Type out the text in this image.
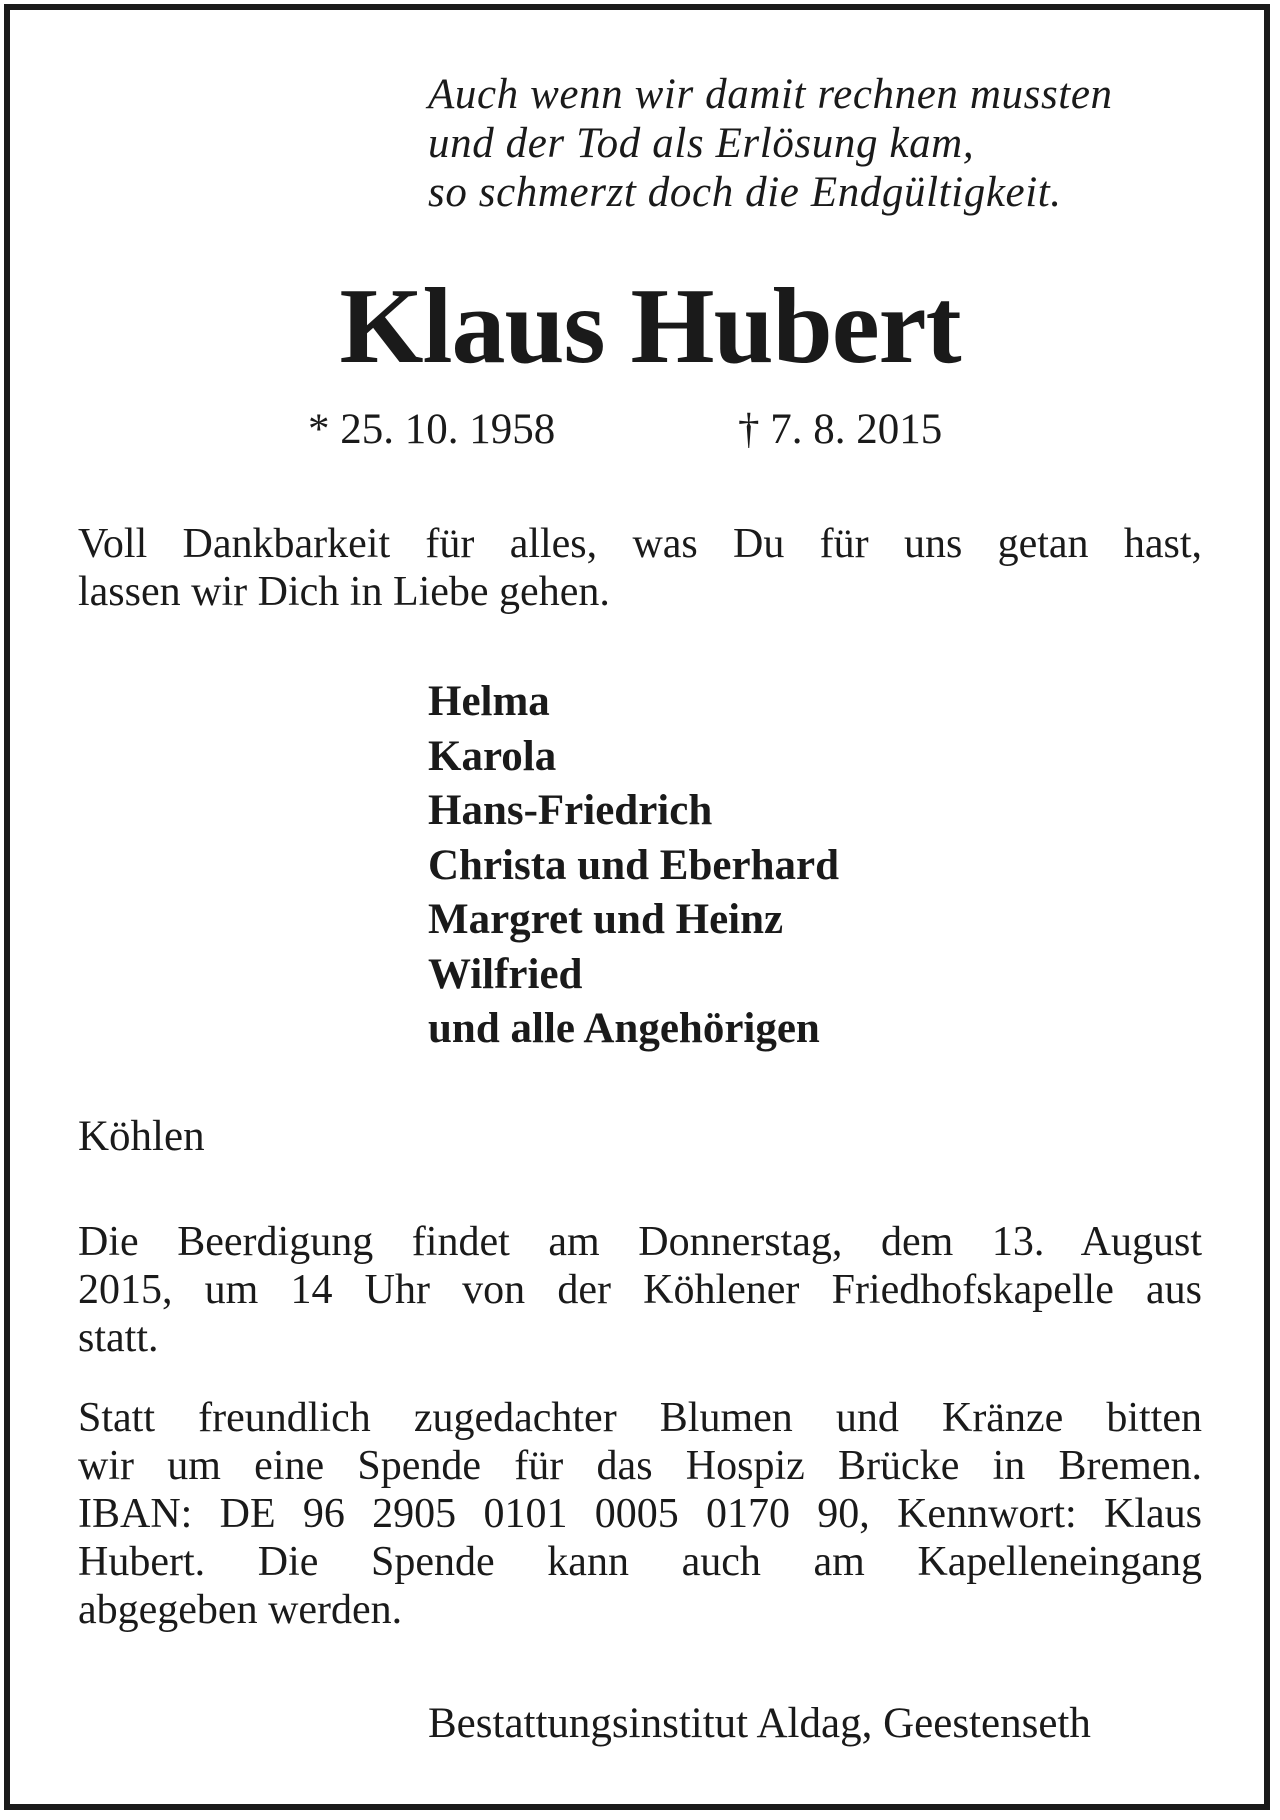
Auch wenn wir damit rechnen mussten
und der Tod als Erlösung kam,
so schmerzt doch die Endgültigkeit.
Klaus Hubert
* 25. 10. 1958	† 7. 8. 2015
Voll Dankbarkeit für alles, was Du für uns getan hast,
lassen wir Dich in Liebe gehen.
Helma
Karola
Hans-Friedrich
Christa und Eberhard
Margret und Heinz
Wilfried
und alle Angehörigen
Köhlen
Die Beerdigung findet am Donnerstag, dem 13. August
2015, um 14 Uhr von der Köhlener Friedhofskapelle aus
statt.
Statt freundlich zugedachter Blumen und Kränze bitten
wir um eine Spende für das Hospiz Brücke in Bremen.
IBAN: DE 96 2905 0101 0005 0170 90, Kennwort: Klaus
Hubert. Die Spende kann auch am Kapelleneingang
abgegeben werden.
Bestattungsinstitut Aldag, Geestenseth
